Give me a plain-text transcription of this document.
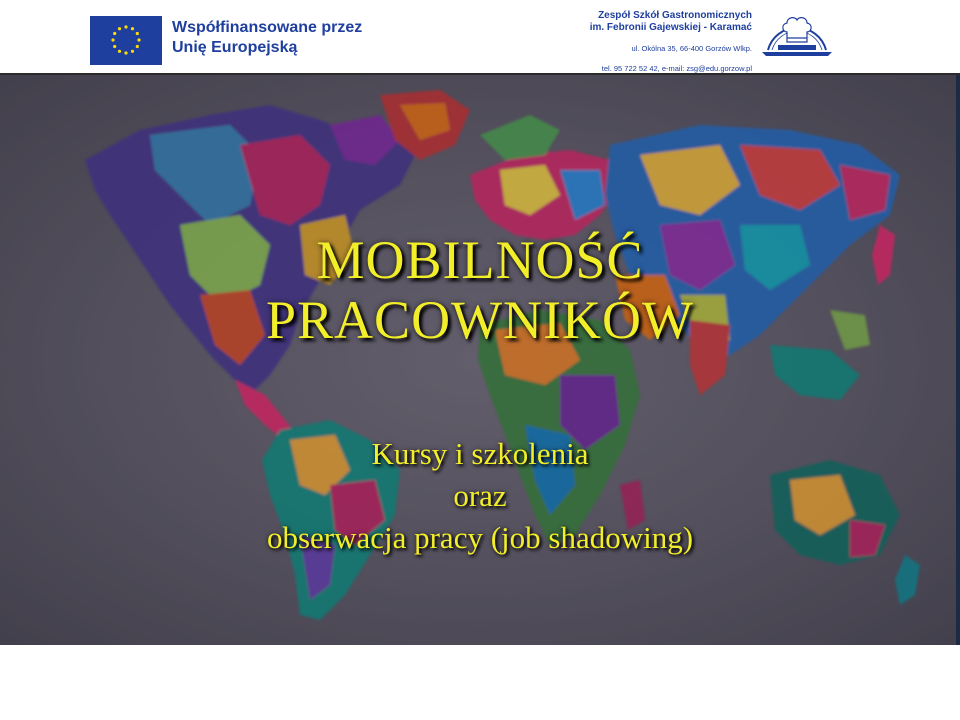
Współfinansowane przez
Unię Europejską
Zespół Szkół Gastronomicznych
im. Febronii Gajewskiej - Karamać
ul. Okólna 35, 66-400 Gorzów Wlkp.
tel. 95 722 52 42, e-mail: zsg@edu.gorzow.pl
MOBILNOŚĆ
PRACOWNIKÓW
Kursy i szkolenia
oraz
obserwacja pracy (job shadowing)
